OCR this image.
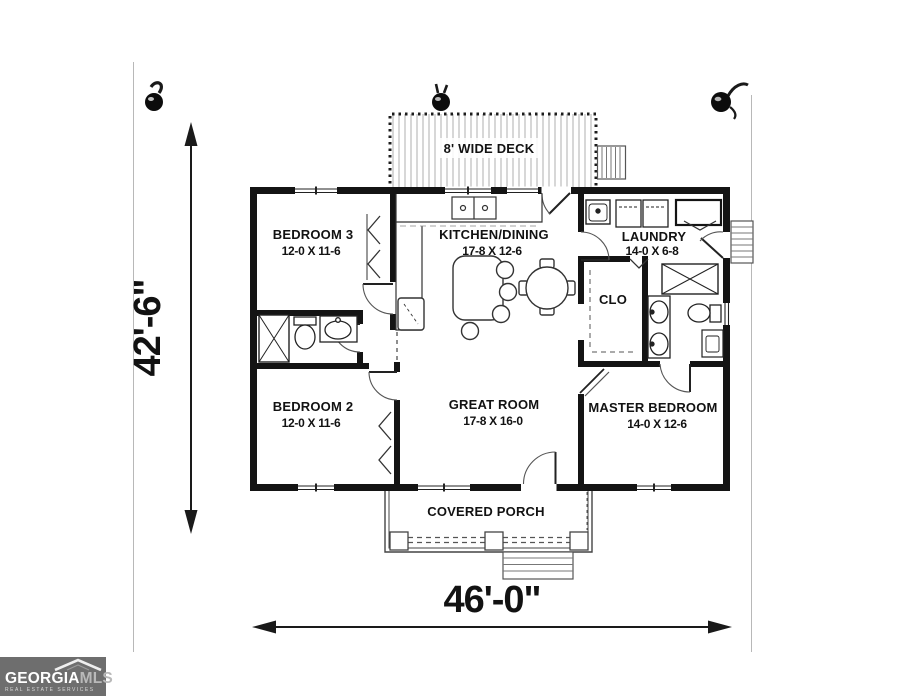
42'-6"
46'-0"
8' WIDE DECK
COVERED PORCH
BEDROOM 3
12-0 X 11-6
KITCHEN/DINING
17-8 X 12-6
LAUNDRY
14-0 X 6-8
CLO
BEDROOM 2
12-0 X 11-6
GREAT ROOM
17-8 X 16-0
MASTER BEDROOM
14-0 X 12-6
GEORGIAMLS
REAL ESTATE SERVICES
